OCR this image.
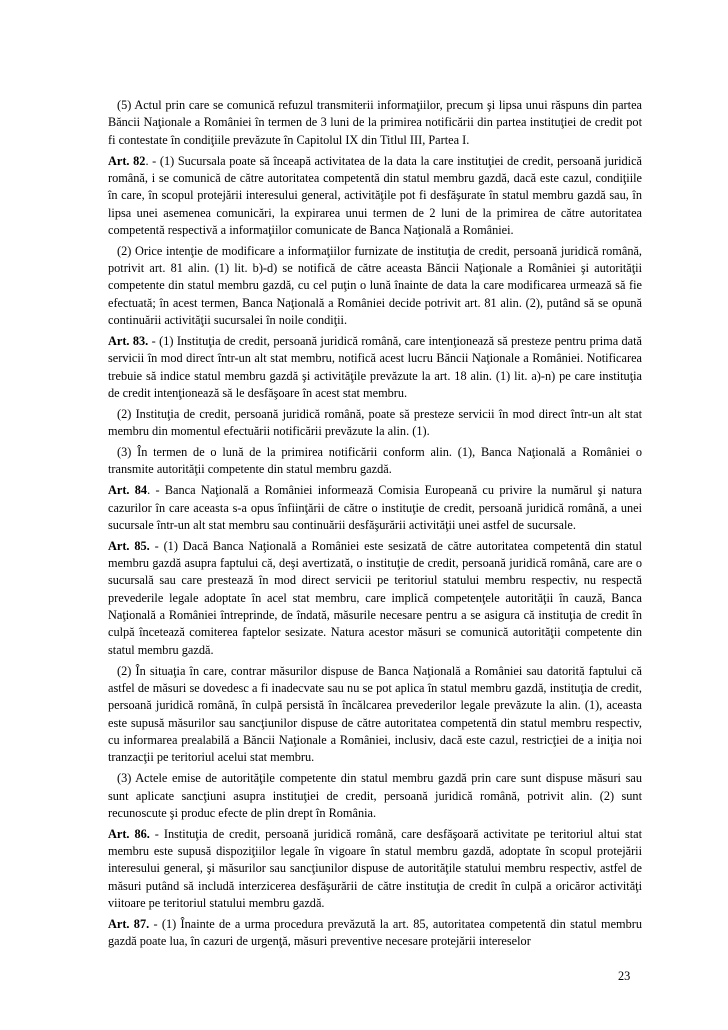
(5) Actul prin care se comunică refuzul transmiterii informaţiilor, precum şi lipsa unui răspuns din partea Băncii Naţionale a României în termen de 3 luni de la primirea notificării din partea instituţiei de credit pot fi contestate în condiţiile prevăzute în Capitolul IX din Titlul III, Partea I.

Art. 82. - (1) Sucursala poate să înceapă activitatea de la data la care instituţiei de credit, persoană juridică română, i se comunică de către autoritatea competentă din statul membru gazdă, dacă este cazul, condiţiile în care, în scopul protejării interesului general, activităţile pot fi desfăşurate în statul membru gazdă sau, în lipsa unei asemenea comunicări, la expirarea unui termen de 2 luni de la primirea de către autoritatea competentă respectivă a informaţiilor comunicate de Banca Naţională a României.

(2) Orice intenţie de modificare a informaţiilor furnizate de instituţia de credit, persoană juridică română, potrivit art. 81 alin. (1) lit. b)-d) se notifică de către aceasta Băncii Naţionale a României şi autorităţii competente din statul membru gazdă, cu cel puţin o lună înainte de data la care modificarea urmează să fie efectuată; în acest termen, Banca Naţională a României decide potrivit art. 81 alin. (2), putând să se opună continuării activităţii sucursalei în noile condiţii.

Art. 83. - (1) Instituţia de credit, persoană juridică română, care intenţionează să presteze pentru prima dată servicii în mod direct într-un alt stat membru, notifică acest lucru Băncii Naţionale a României. Notificarea trebuie să indice statul membru gazdă şi activităţile prevăzute la art. 18 alin. (1) lit. a)-n) pe care instituţia de credit intenţionează să le desfăşoare în acest stat membru.

(2) Instituţia de credit, persoană juridică română, poate să presteze servicii în mod direct într-un alt stat membru din momentul efectuării notificării prevăzute la alin. (1).

(3) În termen de o lună de la primirea notificării conform alin. (1), Banca Naţională a României o transmite autorităţii competente din statul membru gazdă.

Art. 84. - Banca Naţională a României informează Comisia Europeană cu privire la numărul şi natura cazurilor în care aceasta s-a opus înfiinţării de către o instituţie de credit, persoană juridică română, a unei sucursale într-un alt stat membru sau continuării desfăşurării activităţii unei astfel de sucursale.

Art. 85. - (1) Dacă Banca Naţională a României este sesizată de către autoritatea competentă din statul membru gazdă asupra faptului că, deşi avertizată, o instituţie de credit, persoană juridică română, care are o sucursală sau care prestează în mod direct servicii pe teritoriul statului membru respectiv, nu respectă prevederile legale adoptate în acel stat membru, care implică competenţele autorităţii în cauză, Banca Naţională a României întreprinde, de îndată, măsurile necesare pentru a se asigura că instituţia de credit în culpă încetează comiterea faptelor sesizate. Natura acestor măsuri se comunică autorităţii competente din statul membru gazdă.

(2) În situaţia în care, contrar măsurilor dispuse de Banca Naţională a României sau datorită faptului că astfel de măsuri se dovedesc a fi inadecvate sau nu se pot aplica în statul membru gazdă, instituţia de credit, persoană juridică română, în culpă persistă în încălcarea prevederilor legale prevăzute la alin. (1), aceasta este supusă măsurilor sau sancţiunilor dispuse de către autoritatea competentă din statul membru respectiv, cu informarea prealabilă a Băncii Naţionale a României, inclusiv, dacă este cazul, restricţiei de a iniţia noi tranzacţii pe teritoriul acelui stat membru.

(3) Actele emise de autorităţile competente din statul membru gazdă prin care sunt dispuse măsuri sau sunt aplicate sancţiuni asupra instituţiei de credit, persoană juridică română, potrivit alin. (2) sunt recunoscute şi produc efecte de plin drept în România.

Art. 86. - Instituţia de credit, persoană juridică română, care desfăşoară activitate pe teritoriul altui stat membru este supusă dispoziţiilor legale în vigoare în statul membru gazdă, adoptate în scopul protejării interesului general, şi măsurilor sau sancţiunilor dispuse de autorităţile statului membru respectiv, astfel de măsuri putând să includă interzicerea desfăşurării de către instituţia de credit în culpă a oricăror activităţi viitoare pe teritoriul statului membru gazdă.

Art. 87. - (1) Înainte de a urma procedura prevăzută la art. 85, autoritatea competentă din statul membru gazdă poate lua, în cazuri de urgenţă, măsuri preventive necesare protejării intereselor

23
